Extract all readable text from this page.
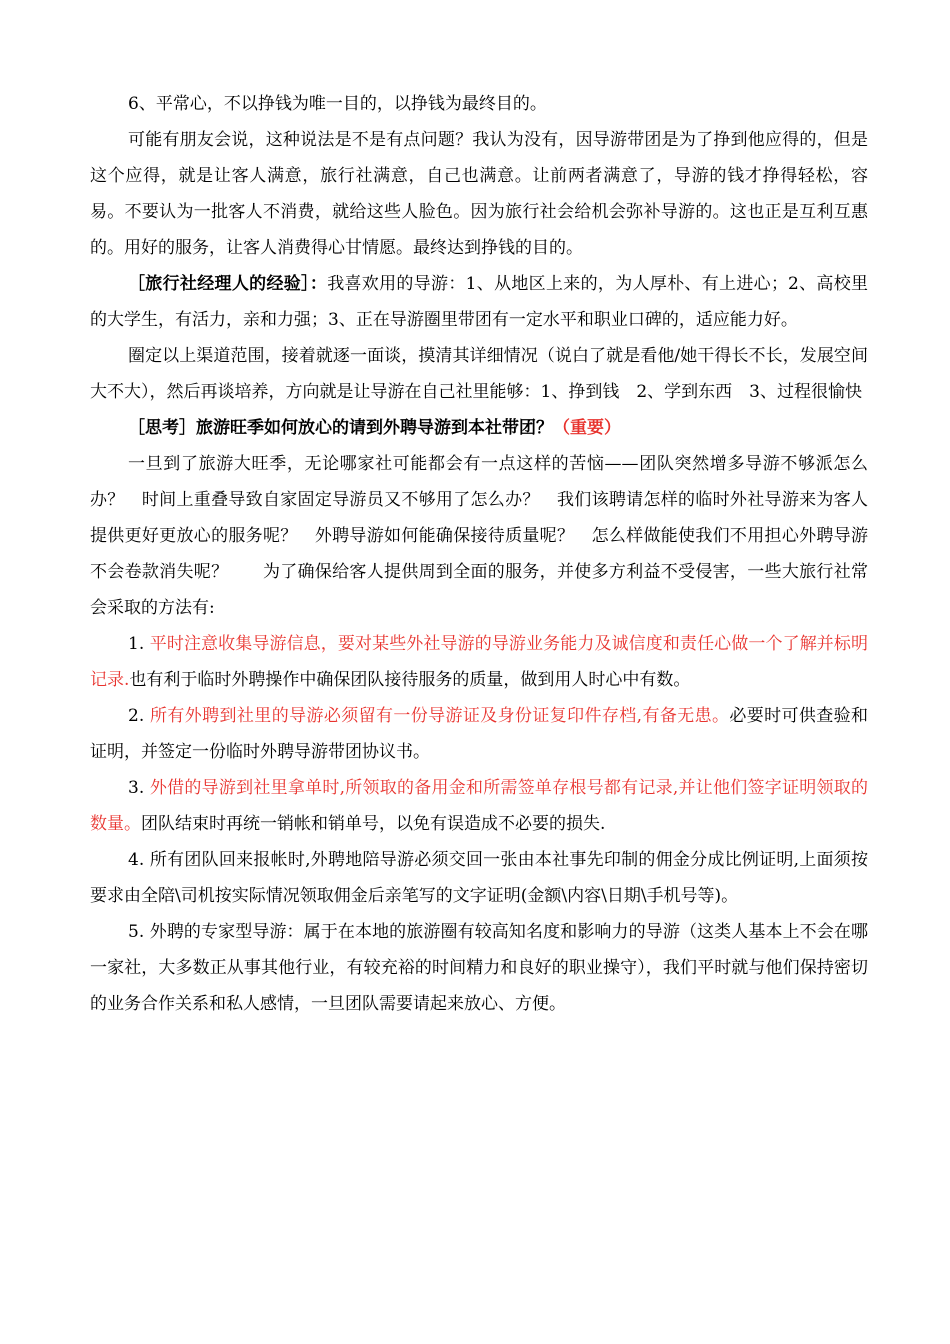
6、平常心，不以挣钱为唯一目的，以挣钱为最终目的。

可能有朋友会说，这种说法是不是有点问题？我认为没有，因导游带团是为了挣到他应得的，但是这个应得，就是让客人满意，旅行社满意，自己也满意。让前两者满意了，导游的钱才挣得轻松，容易。不要认为一批客人不消费，就给这些人脸色。因为旅行社会给机会弥补导游的。这也正是互利互惠的。用好的服务，让客人消费得心甘情愿。最终达到挣钱的目的。

［旅行社经理人的经验］：我喜欢用的导游：1、从地区上来的，为人厚朴、有上进心；2、高校里的大学生，有活力，亲和力强；3、正在导游圈里带团有一定水平和职业口碑的，适应能力好。

圈定以上渠道范围，接着就逐一面谈，摸清其详细情况（说白了就是看他/她干得长不长，发展空间大不大），然后再谈培养，方向就是让导游在自己社里能够：1、挣到钱　2、学到东西　3、过程很愉快

［思考］旅游旺季如何放心的请到外聘导游到本社带团？（重要）

一旦到了旅游大旺季，无论哪家社可能都会有一点这样的苦恼——团队突然增多导游不够派怎么办？　时间上重叠导致自家固定导游员又不够用了怎么办？　我们该聘请怎样的临时外社导游来为客人提供更好更放心的服务呢？　外聘导游如何能确保接待质量呢？　怎么样做能使我们不用担心外聘导游不会卷款消失呢？　　为了确保给客人提供周到全面的服务，并使多方利益不受侵害，一些大旅行社常会采取的方法有:

1. 平时注意收集导游信息，要对某些外社导游的导游业务能力及诚信度和责任心做一个了解并标明记录.也有利于临时外聘操作中确保团队接待服务的质量，做到用人时心中有数。

2. 所有外聘到社里的导游必须留有一份导游证及身份证复印件存档,有备无患。必要时可供查验和证明，并签定一份临时外聘导游带团协议书。

3. 外借的导游到社里拿单时,所领取的备用金和所需签单存根号都有记录,并让他们签字证明领取的数量。团队结束时再统一销帐和销单号，以免有误造成不必要的损失.

4. 所有团队回来报帐时,外聘地陪导游必须交回一张由本社事先印制的佣金分成比例证明,上面须按要求由全陪\司机按实际情况领取佣金后亲笔写的文字证明(金额\内容\日期\手机号等)。

5. 外聘的专家型导游：属于在本地的旅游圈有较高知名度和影响力的导游（这类人基本上不会在哪一家社，大多数正从事其他行业，有较充裕的时间精力和良好的职业操守），我们平时就与他们保持密切的业务合作关系和私人感情，一旦团队需要请起来放心、方便。
